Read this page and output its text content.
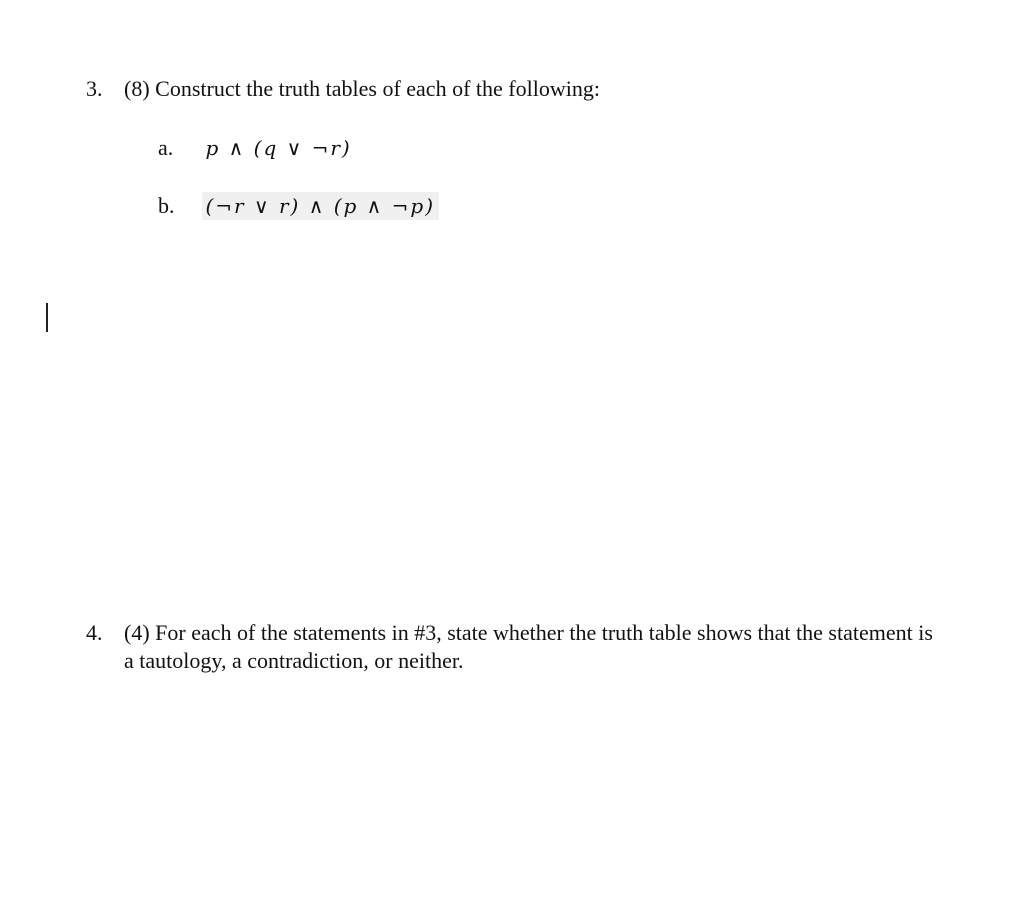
3. (8) Construct the truth tables of each of the following:
a. p ∧ (q ∨ ¬r)
b. (¬r ∨ r) ∧ (p ∧ ¬p)
4. (4) For each of the statements in #3, state whether the truth table shows that the statement is a tautology, a contradiction, or neither.
